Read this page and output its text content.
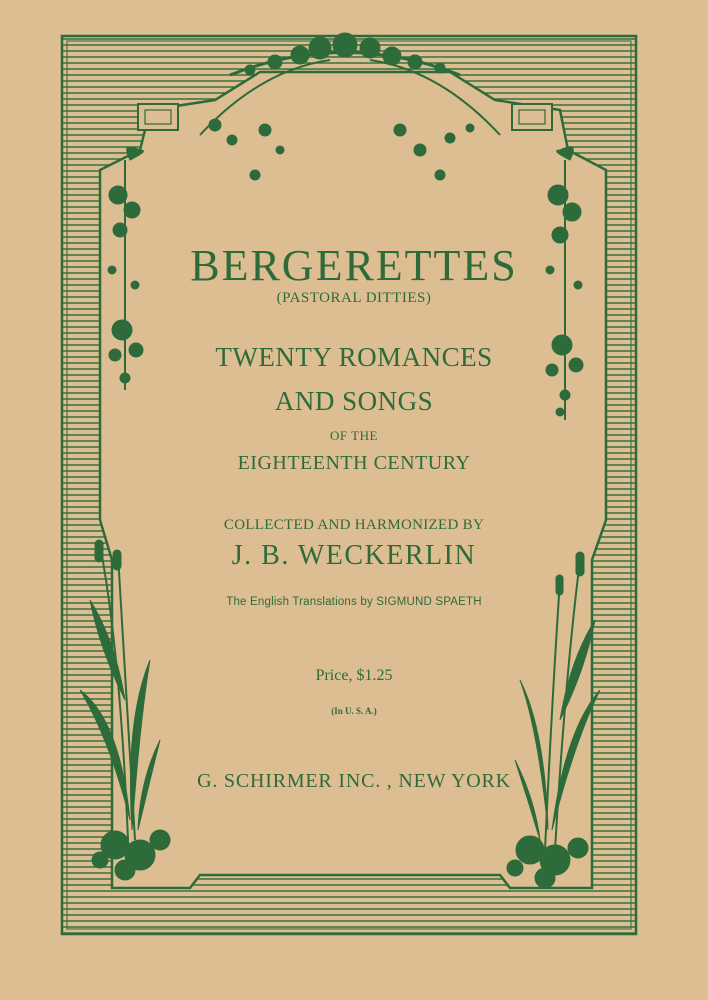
BERGERETTES

(PASTORAL DITTIES)

TWENTY ROMANCES

AND SONGS

OF THE

EIGHTEENTH CENTURY

COLLECTED AND HARMONIZED BY

J. B. WECKERLIN

The English Translations by SIGMUND SPAETH

Price, $1.25

(In U. S. A.)

G. SCHIRMER INC. , NEW YORK
